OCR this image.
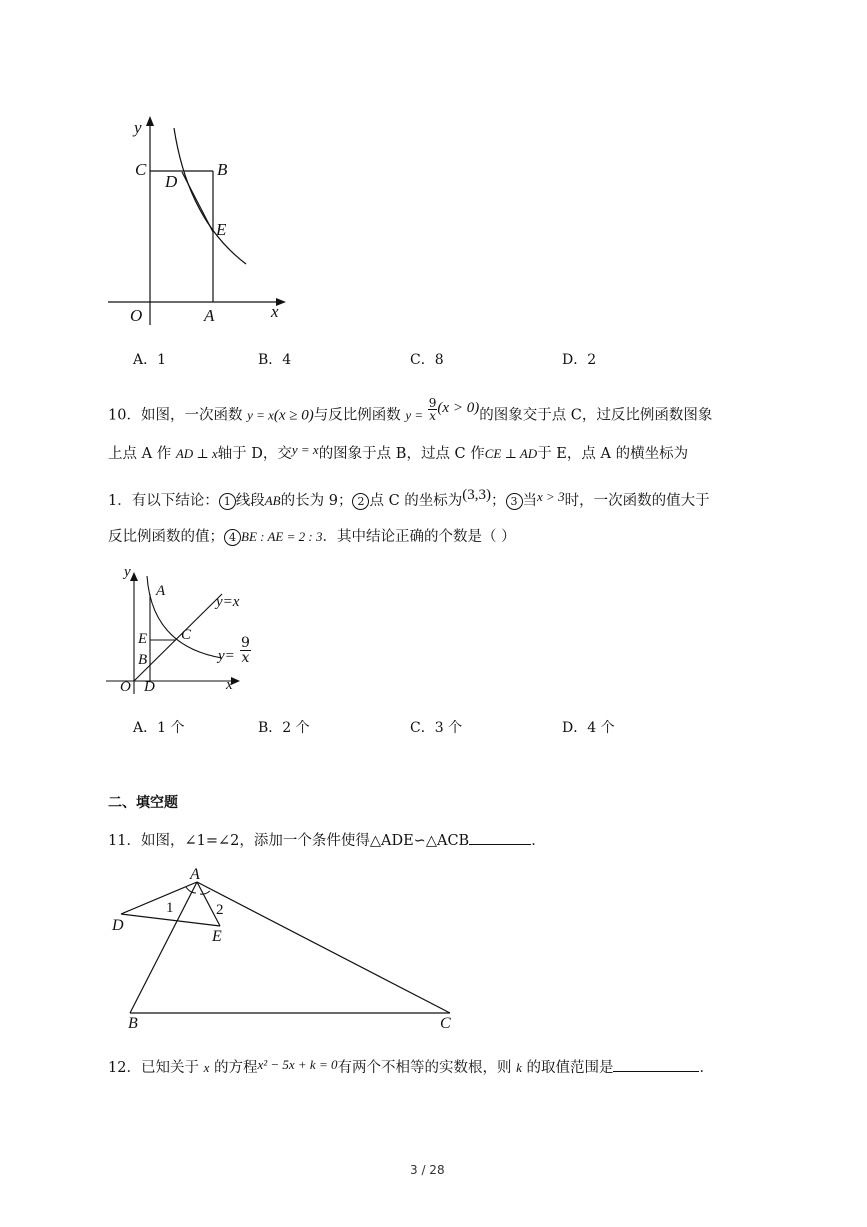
y
C
D
B
E
O	A	x
A．1	B．4	C．8	D．2
10．如图，一次函数 y = x(x ≥ 0)与反比例函数 $y = \frac{9}{x} (x > 0)$的图象交于点 C，过反比例函数图象
上点 A 作 AD ⊥ x轴于 D，交y = x的图象于点 B，过点 C 作CE ⊥ AD于 E，点 A 的横坐标为
1．有以下结论： 1 线段AB的长为 9； 2 点 C 的坐标为(3,3)； 3 当x > 3时，一次函数的值大于
反比例函数的值； 4 BE : AE = 2 : 3．其中结论正确的个数是（ ）
y
A
y=x
E C
B	$y= \frac{9}{x}$
O D	x
A．1 个	B．2 个	C．3 个	D．4 个
二、填空题
11．如图，∠1=∠2，添加一个条件使得△ADE∽△ACB	．
A
1	2
D
E
B	C
12．已知关于 x 的方程x² − 5x + k = 0有两个不相等的实数根，则 k 的取值范围是	．
3 / 28
